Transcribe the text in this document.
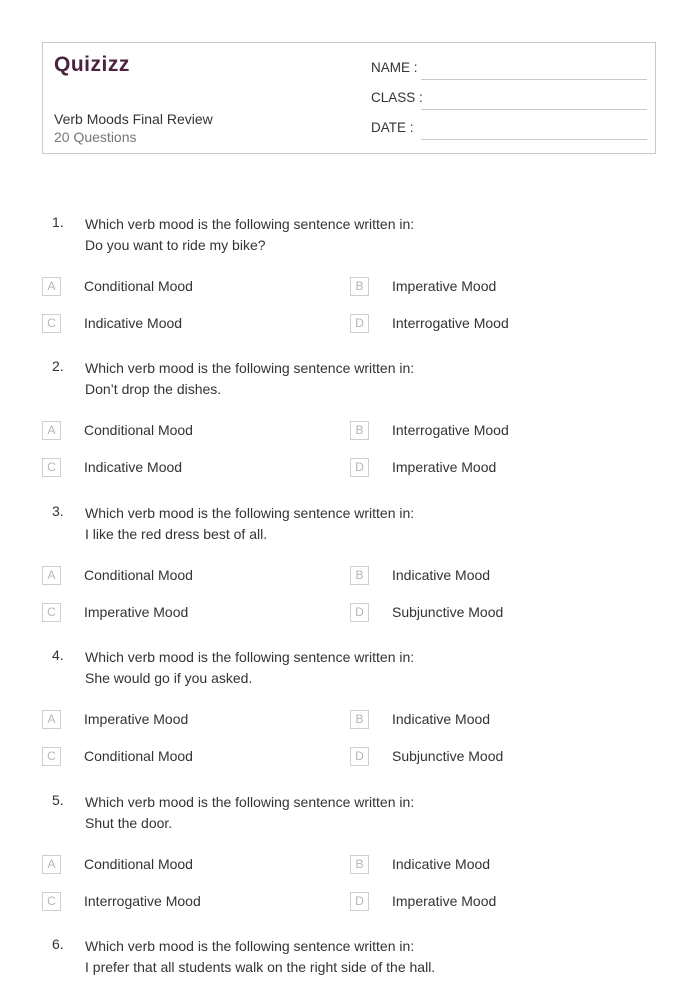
Quizizz
Verb Moods Final Review
20 Questions
NAME :
CLASS :
DATE :
1. Which verb mood is the following sentence written in:
Do you want to ride my bike?
A	Conditional Mood	B	Imperative Mood
C	Indicative Mood	D	Interrogative Mood
2. Which verb mood is the following sentence written in:
Don’t drop the dishes.
A	Conditional Mood	B	Interrogative Mood
C	Indicative Mood	D	Imperative Mood
3. Which verb mood is the following sentence written in:
I like the red dress best of all.
A	Conditional Mood	B	Indicative Mood
C	Imperative Mood	D	Subjunctive Mood
4. Which verb mood is the following sentence written in:
She would go if you asked.
A	Imperative Mood	B	Indicative Mood
C	Conditional Mood	D	Subjunctive Mood
5. Which verb mood is the following sentence written in:
Shut the door.
A	Conditional Mood	B	Indicative Mood
C	Interrogative Mood	D	Imperative Mood
6. Which verb mood is the following sentence written in:
I prefer that all students walk on the right side of the hall.
